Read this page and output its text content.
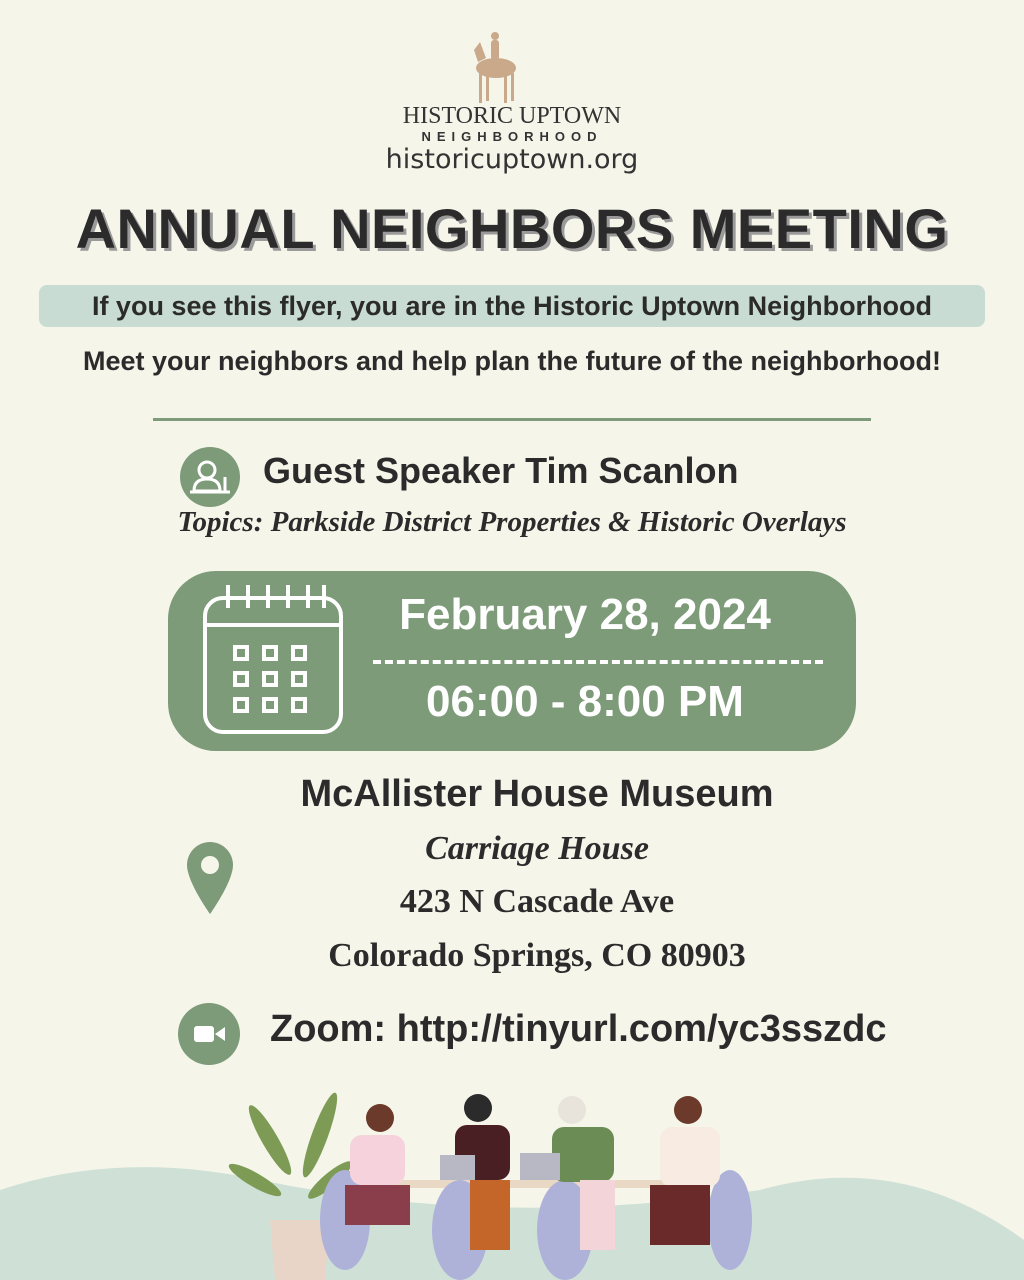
HISTORIC UPTOWN
NEIGHBORHOOD
historicuptown.org
ANNUAL NEIGHBORS MEETING
If you see this flyer, you are in the Historic Uptown Neighborhood
Meet your neighbors and help plan the future of the neighborhood!
Guest Speaker Tim Scanlon
Topics: Parkside District Properties & Historic Overlays
February 28, 2024
06:00 - 8:00 PM
McAllister House Museum
Carriage House
423 N Cascade Ave
Colorado Springs, CO 80903
Zoom: http://tinyurl.com/yc3sszdc
